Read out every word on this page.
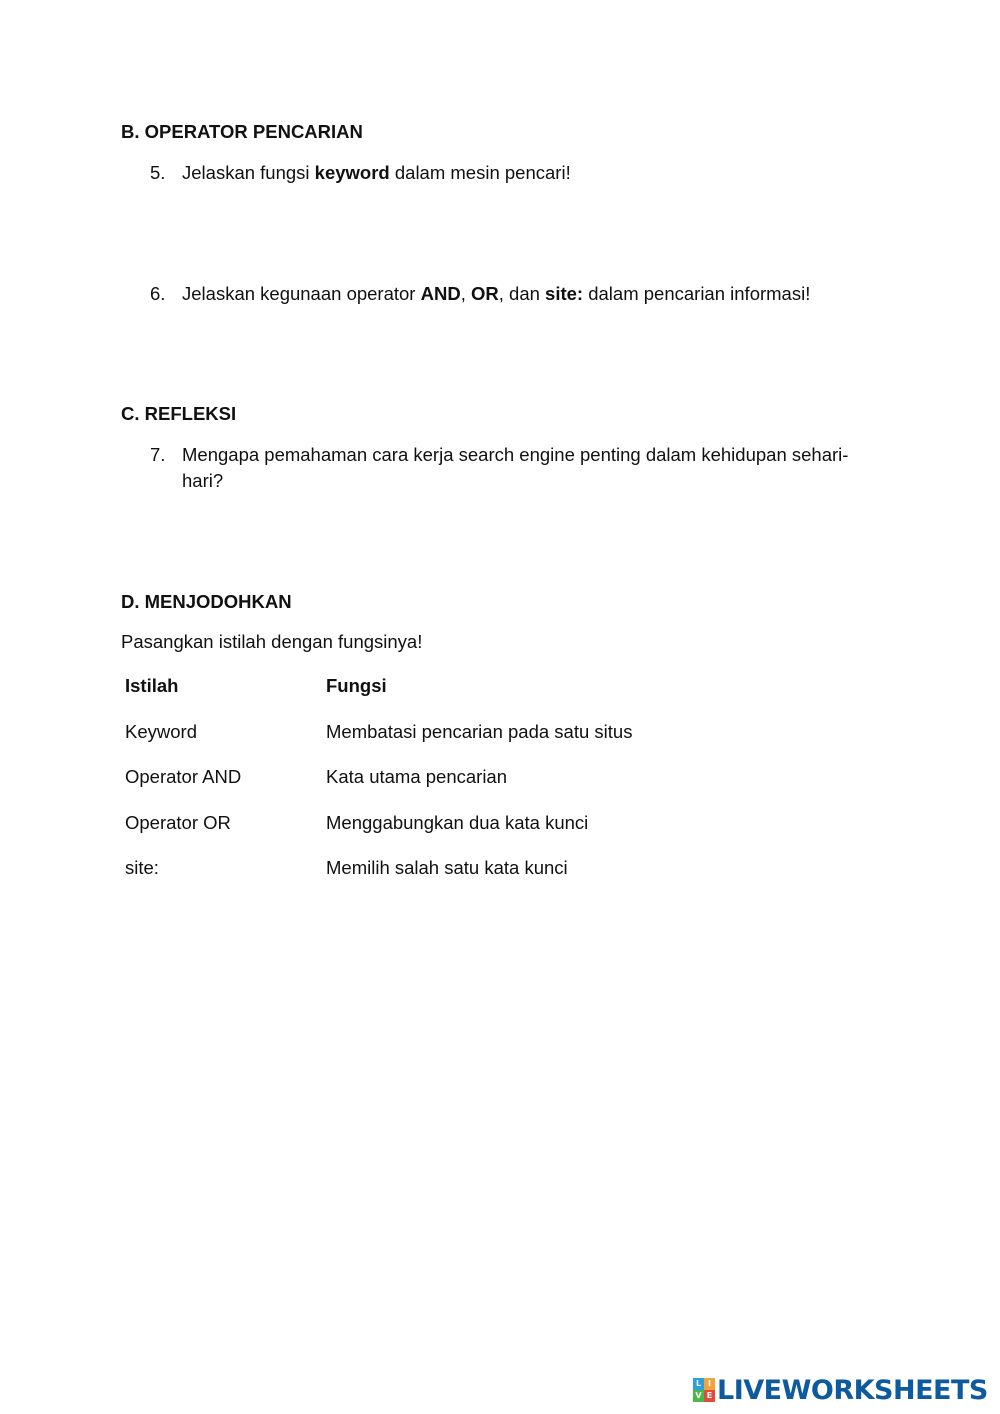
B. OPERATOR PENCARIAN
5. Jelaskan fungsi keyword dalam mesin pencari!
6. Jelaskan kegunaan operator AND, OR, dan site: dalam pencarian informasi!
C. REFLEKSI
7. Mengapa pemahaman cara kerja search engine penting dalam kehidupan sehari-hari?
D. MENJODOHKAN
Pasangkan istilah dengan fungsinya!
Istilah	Fungsi
Keyword	Membatasi pencarian pada satu situs
Operator AND	Kata utama pencarian
Operator OR	Menggabungkan dua kata kunci
site:	Memilih salah satu kata kunci
L I
V E LIVEWORKSHEETS
